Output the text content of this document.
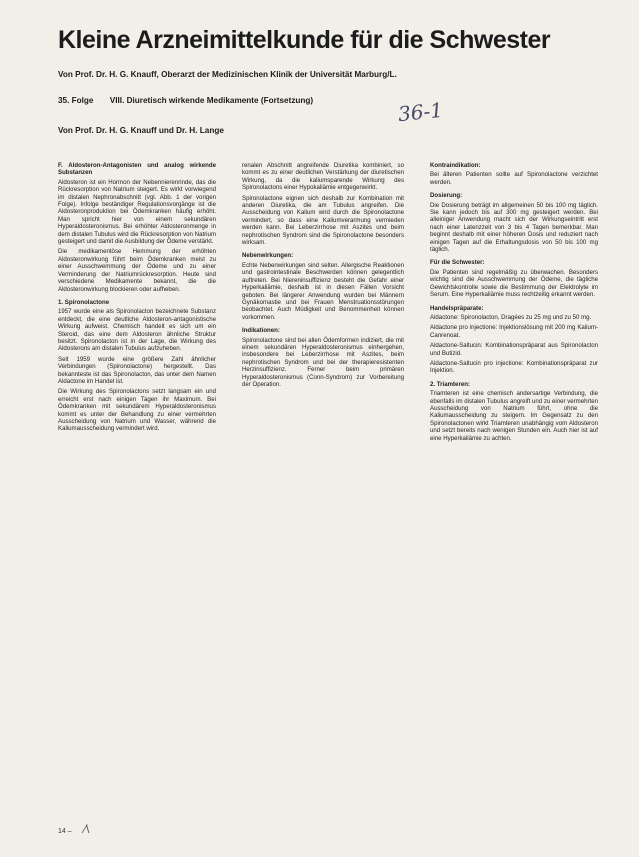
Kleine Arzneimittelkunde für die Schwester
Von Prof. Dr. H. G. Knauff, Oberarzt der Medizinischen Klinik der Universität Marburg/L.
35. Folge VIII. Diuretisch wirkende Medikamente (Fortsetzung)
Von Prof. Dr. H. G. Knauff und Dr. H. Lange
36-1

F. Aldosteron-Antagonisten und analog wirkende Substanzen

Aldosteron ist ein Hormon der Nebennierenrinde, das die Rückresorption von Natrium steigert. Es wirkt vorwiegend im distalen Nephronabschnitt (vgl. Abb. 1 der vorigen Folge). Infolge beständiger Regulationsvorgänge ist die Aldosteronproduktion bei Ödemkranken häufig erhöht. Man spricht hier von einem sekundären Hyperaldosteronismus. Bei erhöhter Aldosteronmenge in dem distalen Tubulus wird die Rückresorption von Natrium gesteigert und damit die Ausbildung der Ödeme verstärkt.

Die medikamentöse Hemmung der erhöhten Aldosteronwirkung führt beim Ödemkranken meist zu einer Ausschwemmung der Ödeme und zu einer Verminderung der Natriumrückresorption. Heute sind verschiedene Medikamente bekannt, die die Aldosteronwirkung blockieren oder aufheben.

1. Spironolactone

1957 wurde eine als Spironolacton bezeichnete Substanz entdeckt, die eine deutliche Aldosteron-antagonistische Wirkung aufweist. Chemisch handelt es sich um ein Steroid, das eine dem Aldosteron ähnliche Struktur besitzt. Spironolacton ist in der Lage, die Wirkung des Aldosterons am distalen Tubulus aufzuheben.

Seit 1959 wurde eine größere Zahl ähnlicher Verbindungen (Spironolactone) hergestellt. Das bekannteste ist das Spironolacton, das unter dem Namen Aldactone im Handel ist.

Die Wirkung des Spironolactons setzt langsam ein und erreicht erst nach einigen Tagen ihr Maximum. Bei Ödemkranken mit sekundärem Hyperaldosteronismus kommt es unter der Behandlung zu einer vermehrten Ausscheidung von Natrium und Wasser, während die Kaliumausscheidung vermindert wird.

renalen Abschnitt angreifende Diuretika kombiniert, so kommt es zu einer deutlichen Verstärkung der diuretischen Wirkung, da die kaliumsparende Wirkung des Spironolactons einer Hypokaliämie entgegenwirkt.

Spironolactone eignen sich deshalb zur Kombination mit anderen Diuretika, die am Tubulus angreifen. Die Ausscheidung von Kalium wird durch die Spironolactone vermindert, so dass eine Kaliumverarmung vermieden werden kann. Bei Leberzirrhose mit Aszites und beim nephrotischen Syndrom sind die Spironolactone besonders wirksam.

Nebenwirkungen:

Echte Nebenwirkungen sind selten. Allergische Reaktionen und gastrointestinale Beschwerden können gelegentlich auftreten. Bei Niereninsuffizienz besteht die Gefahr einer Hyperkaliämie, deshalb ist in diesen Fällen Vorsicht geboten. Bei längerer Anwendung wurden bei Männern Gynäkomastie und bei Frauen Menstruationsstörungen beobachtet. Auch Müdigkeit und Benommenheit können vorkommen.

Indikationen:

Spironolactone sind bei allen Ödemformen indiziert, die mit einem sekundären Hyperaldosteronismus einhergehen, insbesondere bei Leberzirrhose mit Aszites, beim nephrotischen Syndrom und bei der therapieresistenten Herzinsuffizienz. Ferner beim primären Hyperaldosteronismus (Conn-Syndrom) zur Vorbereitung der Operation.

Kontraindikation:

Bei älteren Patienten sollte auf Spironolactone verzichtet werden.

Dosierung:

Die Dosierung beträgt im allgemeinen 50 bis 100 mg täglich. Sie kann jedoch bis auf 300 mg gesteigert werden. Bei alleiniger Anwendung macht sich der Wirkungseintritt erst nach einer Latenzzeit von 3 bis 4 Tagen bemerkbar. Man beginnt deshalb mit einer höheren Dosis und reduziert nach einigen Tagen auf die Erhaltungsdosis von 50 bis 100 mg täglich.

Für die Schwester:

Die Patienten sind regelmäßig zu überwachen. Besonders wichtig sind die Ausschwemmung der Ödeme, die tägliche Gewichtskontrolle sowie die Bestimmung der Elektrolyte im Serum. Eine Hyperkaliämie muss rechtzeitig erkannt werden.

Handelspräparate:

Aldactone: Spironolacton, Dragées zu 25 mg und zu 50 mg.

Aldactone pro injectione: Injektionslösung mit 200 mg Kalium-Canrenoat.

Aldactone-Saltucin: Kombinationspräparat aus Spironolacton und Butizid.

Aldactone-Saltucin pro injectione: Kombinationspräparat zur Injektion.

2. Triamteren:

Triamteren ist eine chemisch andersartige Verbindung, die ebenfalls im distalen Tubulus angreift und zu einer vermehrten Ausscheidung von Natrium führt, ohne die Kaliumausscheidung zu steigern. Im Gegensatz zu den Spironolactonen wirkt Triamteren unabhängig vom Aldosteron und setzt bereits nach wenigen Stunden ein. Auch hier ist auf eine Hyperkaliämie zu achten.

14 – ⁄\
